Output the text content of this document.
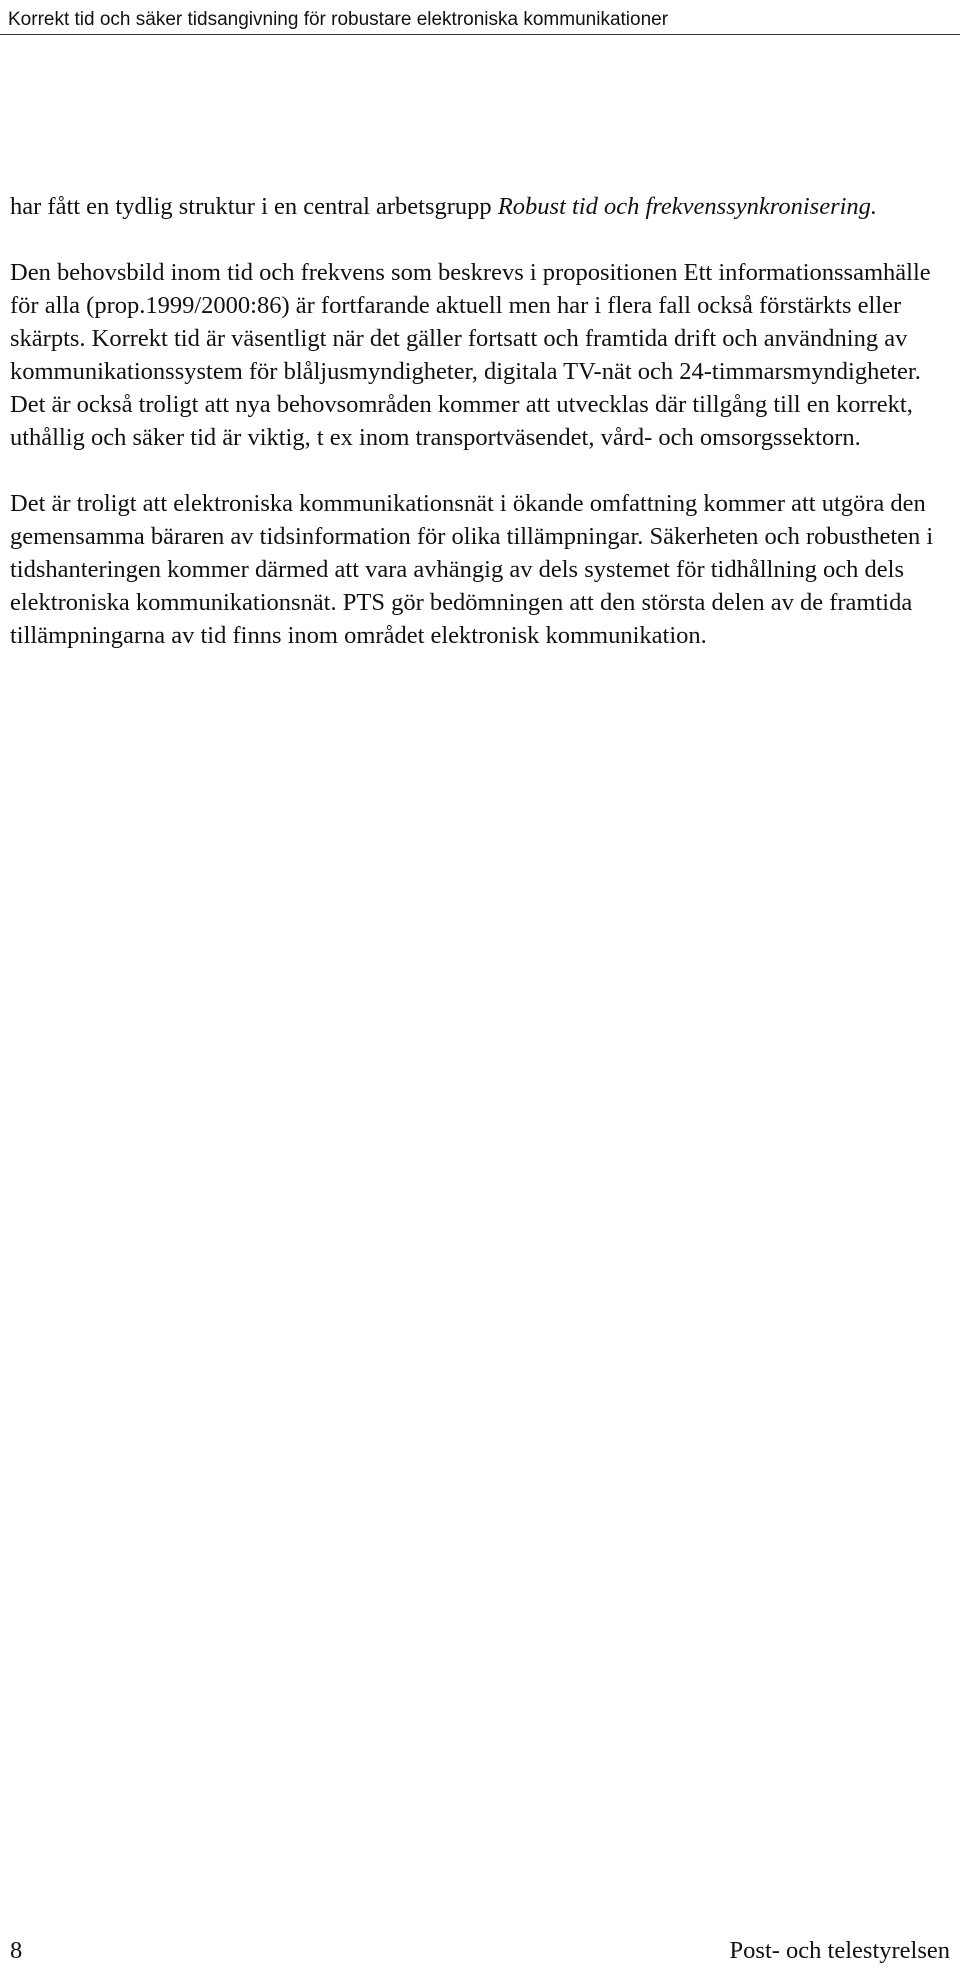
Korrekt tid och säker tidsangivning för robustare elektroniska kommunikationer

har fått en tydlig struktur i en central arbetsgrupp Robust tid och frekvenssynkronisering.

Den behovsbild inom tid och frekvens som beskrevs i propositionen Ett informationssamhälle för alla (prop.1999/2000:86) är fortfarande aktuell men har i flera fall också förstärkts eller skärpts. Korrekt tid är väsentligt när det gäller fortsatt och framtida drift och användning av kommunikationssystem för blåljusmyndigheter, digitala TV-nät och 24-timmarsmyndigheter. Det är också troligt att nya behovsområden kommer att utvecklas där tillgång till en korrekt, uthållig och säker tid är viktig, t ex inom transportväsendet, vård- och omsorgssektorn.

Det är troligt att elektroniska kommunikationsnät i ökande omfattning kommer att utgöra den gemensamma bäraren av tidsinformation för olika tillämpningar. Säkerheten och robustheten i tidshanteringen kommer därmed att vara avhängig av dels systemet för tidhållning och dels elektroniska kommunikationsnät. PTS gör bedömningen att den största delen av de framtida tillämpningarna av tid finns inom området elektronisk kommunikation.

8	Post- och telestyrelsen
